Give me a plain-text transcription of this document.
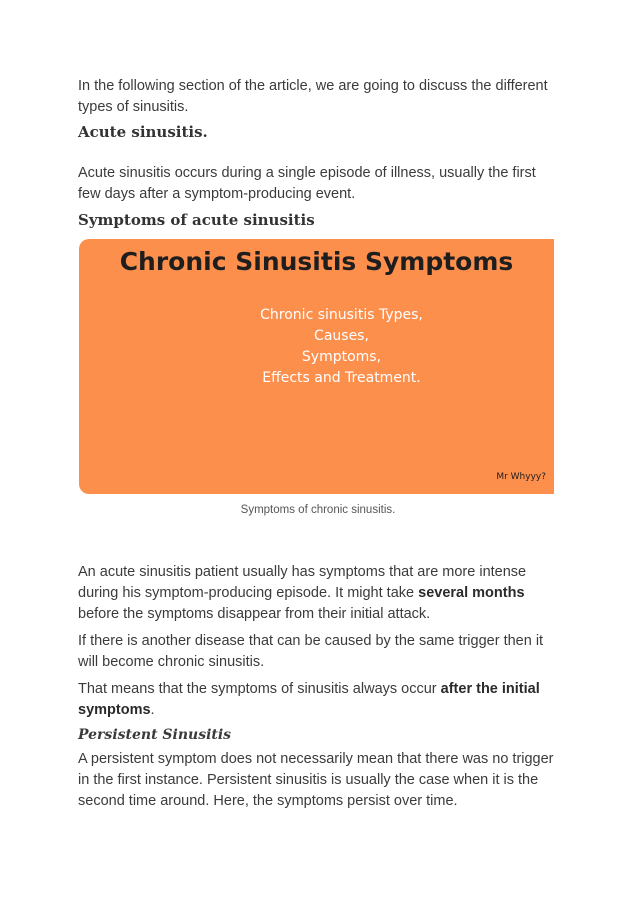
In the following section of the article, we are going to discuss the different types of sinusitis.

Acute sinusitis.

Acute sinusitis occurs during a single episode of illness, usually the first few days after a symptom-producing event.

Symptoms of acute sinusitis
Chronic Sinusitis Symptoms
Chronic sinusitis Types,
Causes,
Symptoms,
Effects and Treatment.
Mr Whyyy?

Symptoms of chronic sinusitis.

An acute sinusitis patient usually has symptoms that are more intense during his symptom-producing episode. It might take several months before the symptoms disappear from their initial attack.

If there is another disease that can be caused by the same trigger then it will become chronic sinusitis.

That means that the symptoms of sinusitis always occur after the initial symptoms.

Persistent Sinusitis

A persistent symptom does not necessarily mean that there was no trigger in the first instance. Persistent sinusitis is usually the case when it is the second time around. Here, the symptoms persist over time.
